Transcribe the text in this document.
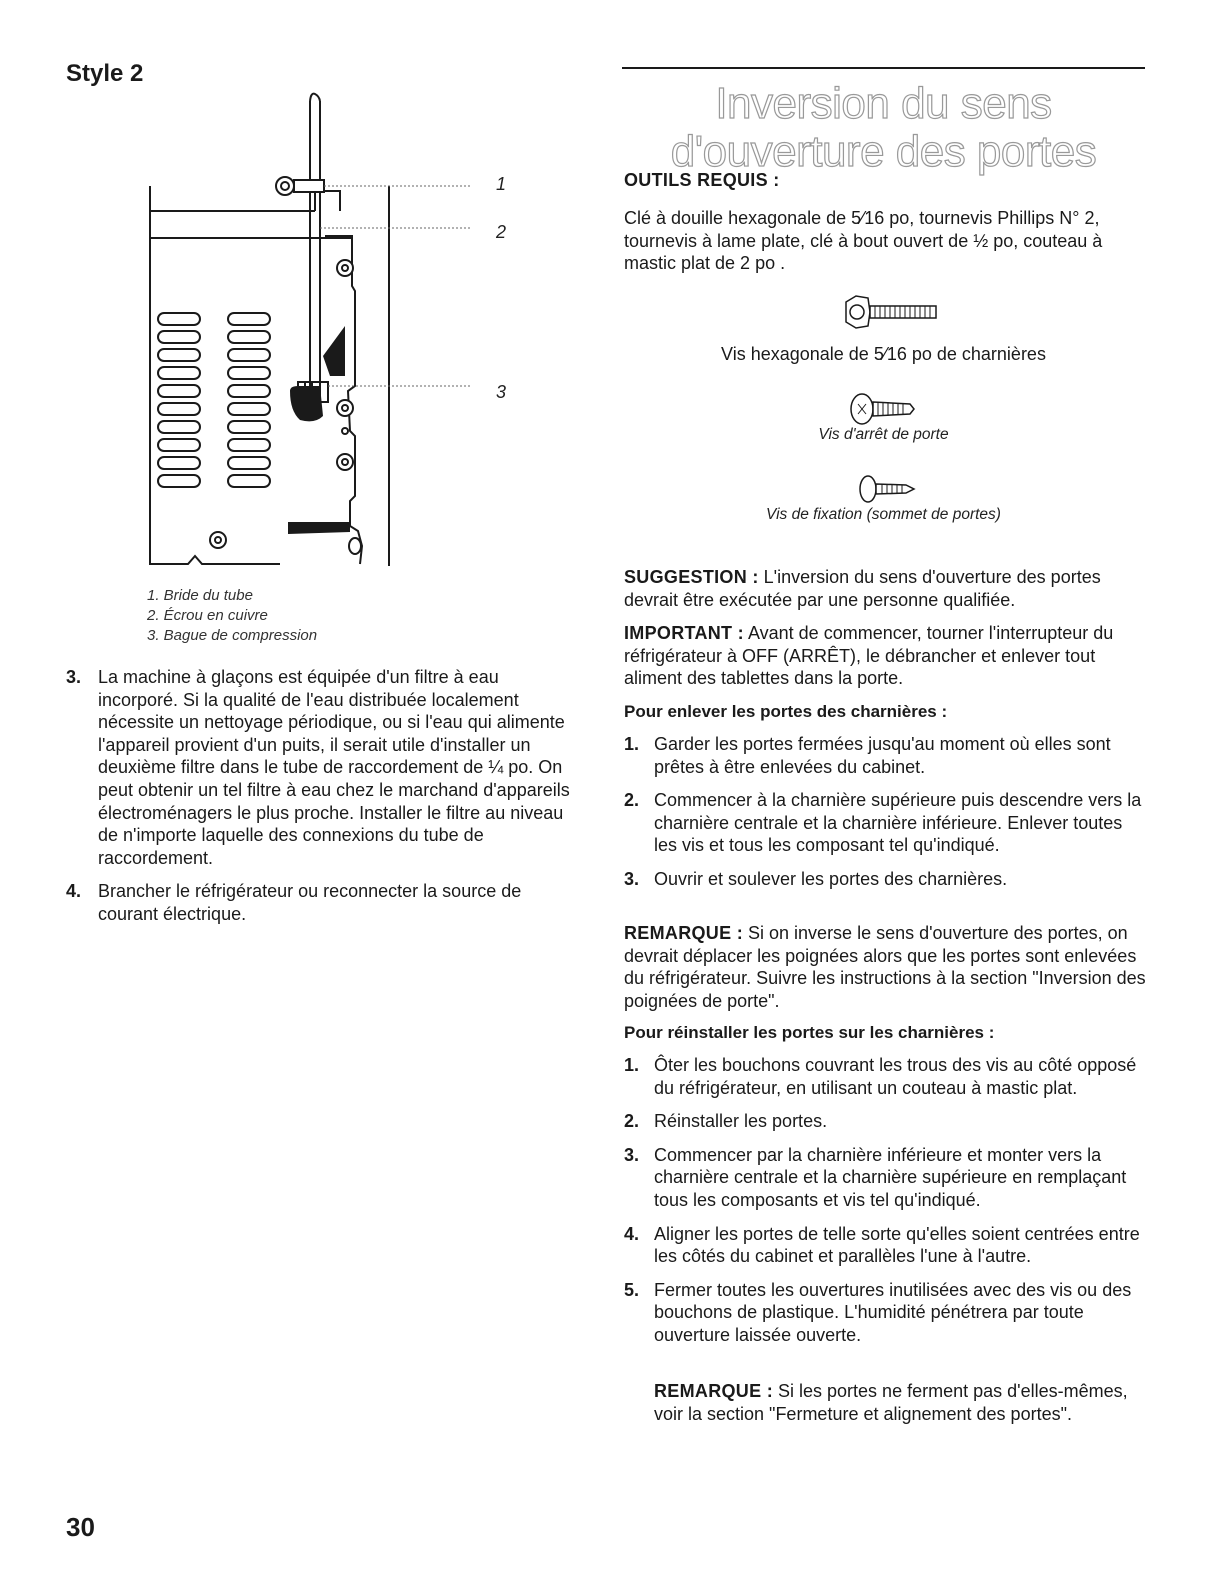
Style 2
1
2
3
1. Bride du tube
2. Écrou en cuivre
3. Bague de compression
3. La machine à glaçons est équipée d'un filtre à eau incorporé. Si la qualité de l'eau distribuée localement nécessite un nettoyage périodique, ou si l'eau qui alimente l'appareil provient d'un puits, il serait utile d'installer un deuxième filtre dans le tube de raccordement de ¼ po. On peut obtenir un tel filtre à eau chez le marchand d'appareils électroménagers le plus proche. Installer le filtre au niveau de n'importe laquelle des connexions du tube de raccordement.
4. Brancher le réfrigérateur ou reconnecter la source de courant électrique.
Inversion du sens d'ouverture des portes
OUTILS REQUIS :
Clé à douille hexagonale de 5⁄16 po, tournevis Phillips N° 2, tournevis à lame plate, clé à bout ouvert de ½ po, couteau à mastic plat de 2 po .
Vis hexagonale de 5⁄16 po de charnières
Vis d'arrêt de porte
Vis de fixation (sommet de portes)
SUGGESTION : L'inversion du sens d'ouverture des portes devrait être exécutée par une personne qualifiée.
IMPORTANT : Avant de commencer, tourner l'interrupteur du réfrigérateur à OFF (ARRÊT), le débrancher et enlever tout aliment des tablettes dans la porte.
Pour enlever les portes des charnières :
1. Garder les portes fermées jusqu'au moment où elles sont prêtes à être enlevées du cabinet.
2. Commencer à la charnière supérieure puis descendre vers la charnière centrale et la charnière inférieure. Enlever toutes les vis et tous les composant tel qu'indiqué.
3. Ouvrir et soulever les portes des charnières.
REMARQUE : Si on inverse le sens d'ouverture des portes, on devrait déplacer les poignées alors que les portes sont enlevées du réfrigérateur. Suivre les instructions à la section "Inversion des poignées de porte".
Pour réinstaller les portes sur les charnières :
1. Ôter les bouchons couvrant les trous des vis au côté opposé du réfrigérateur, en utilisant un couteau à mastic plat.
2. Réinstaller les portes.
3. Commencer par la charnière inférieure et monter vers la charnière centrale et la charnière supérieure en remplaçant tous les composants et vis tel qu'indiqué.
4. Aligner les portes de telle sorte qu'elles soient centrées entre les côtés du cabinet et parallèles l'une à l'autre.
5. Fermer toutes les ouvertures inutilisées avec des vis ou des bouchons de plastique. L'humidité pénétrera par toute ouverture laissée ouverte.
REMARQUE : Si les portes ne ferment pas d'elles-mêmes, voir la section "Fermeture et alignement des portes".
30
